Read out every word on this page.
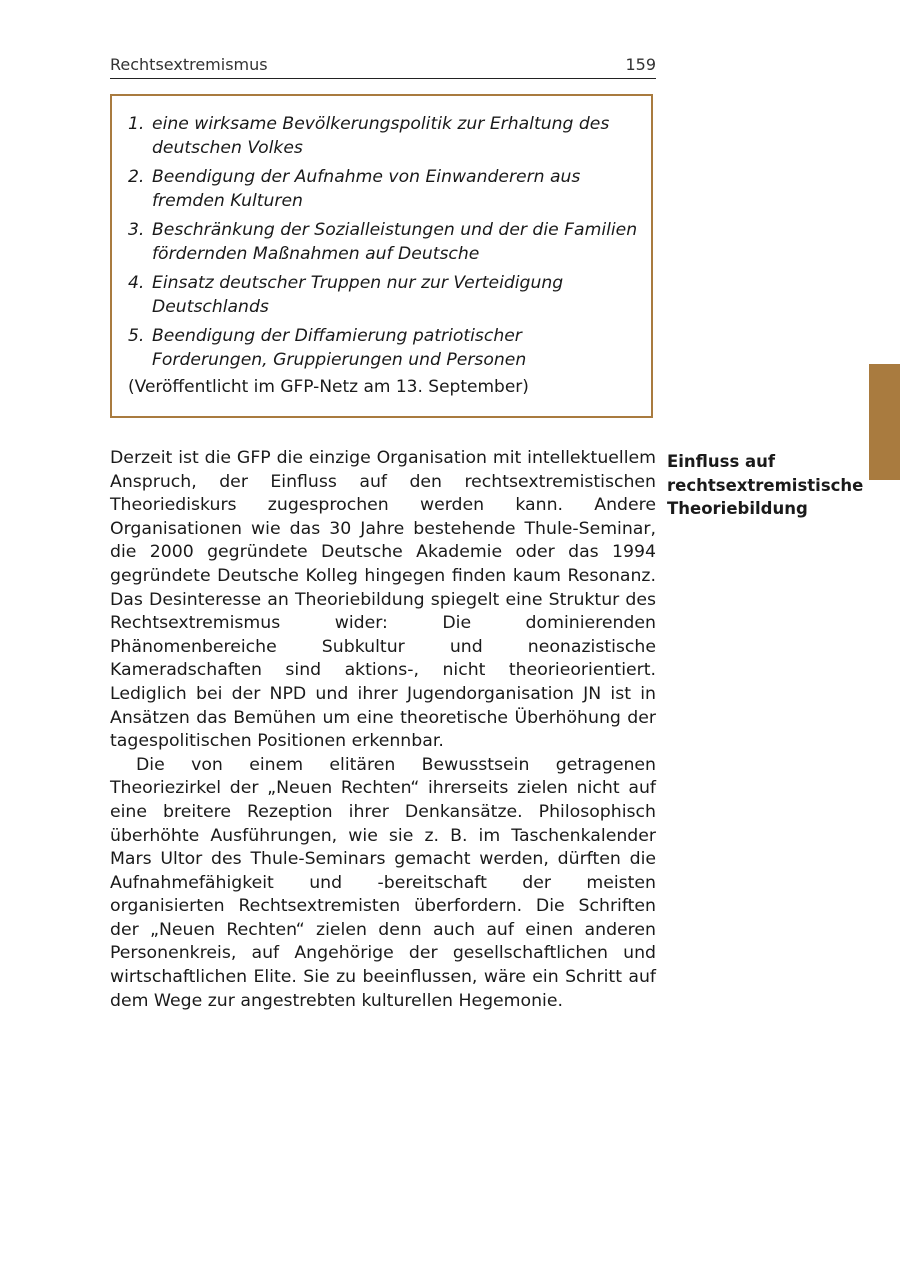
Rechtsextremismus	159
1. eine wirksame Bevölkerungspolitik zur Erhaltung des deutschen Volkes
2. Beendigung der Aufnahme von Einwanderern aus fremden Kulturen
3. Beschränkung der Sozialleistungen und der die Familien fördernden Maßnahmen auf Deutsche
4. Einsatz deutscher Truppen nur zur Verteidigung Deutschlands
5. Beendigung der Diffamierung patriotischer Forderungen, Gruppierungen und Personen
(Veröffentlicht im GFP-Netz am 13. September)
Einfluss auf rechtsextremistische Theoriebildung

Derzeit ist die GFP die einzige Organisation mit intellektuellem Anspruch, der Einfluss auf den rechtsextremistischen Theoriediskurs zugesprochen werden kann. Andere Organisationen wie das 30 Jahre bestehende Thule-Seminar, die 2000 gegründete Deutsche Akademie oder das 1994 gegründete Deutsche Kolleg hingegen finden kaum Resonanz. Das Desinteresse an Theoriebildung spiegelt eine Struktur des Rechtsextremismus wider: Die dominierenden Phänomenbereiche Subkultur und neonazistische Kameradschaften sind aktions-, nicht theorieorientiert. Lediglich bei der NPD und ihrer Jugendorganisation JN ist in Ansätzen das Bemühen um eine theoretische Überhöhung der tagespolitischen Positionen erkennbar.

Die von einem elitären Bewusstsein getragenen Theoriezirkel der „Neuen Rechten“ ihrerseits zielen nicht auf eine breitere Rezeption ihrer Denkansätze. Philosophisch überhöhte Ausführungen, wie sie z. B. im Taschenkalender Mars Ultor des Thule-Seminars gemacht werden, dürften die Aufnahmefähigkeit und -bereitschaft der meisten organisierten Rechtsextremisten überfordern. Die Schriften der „Neuen Rechten“ zielen denn auch auf einen anderen Personenkreis, auf Angehörige der gesellschaftlichen und wirtschaftlichen Elite. Sie zu beeinflussen, wäre ein Schritt auf dem Wege zur angestrebten kulturellen Hegemonie.
